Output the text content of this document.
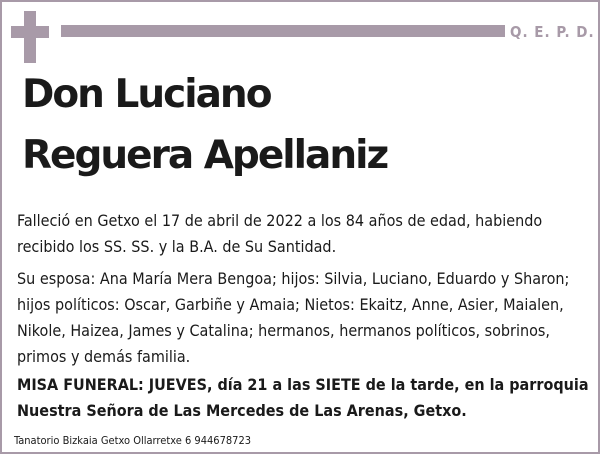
Q. E. P. D.
Don Luciano
Reguera Apellaniz
Falleció en Getxo el 17 de abril de 2022 a los 84 años de edad, habiendo recibido los SS. SS. y la B.A. de Su Santidad.
Su esposa: Ana María Mera Bengoa; hijos: Silvia, Luciano, Eduardo y Sharon; hijos políticos: Oscar, Garbiñe y Amaia; Nietos: Ekaitz, Anne, Asier, Maialen, Nikole, Haizea, James y Catalina; hermanos, hermanos políticos, sobrinos, primos y demás familia.
MISA FUNERAL: JUEVES, día 21 a las SIETE de la tarde, en la parroquia Nuestra Señora de Las Mercedes de Las Arenas, Getxo.
Tanatorio Bizkaia Getxo Ollarretxe 6 944678723
